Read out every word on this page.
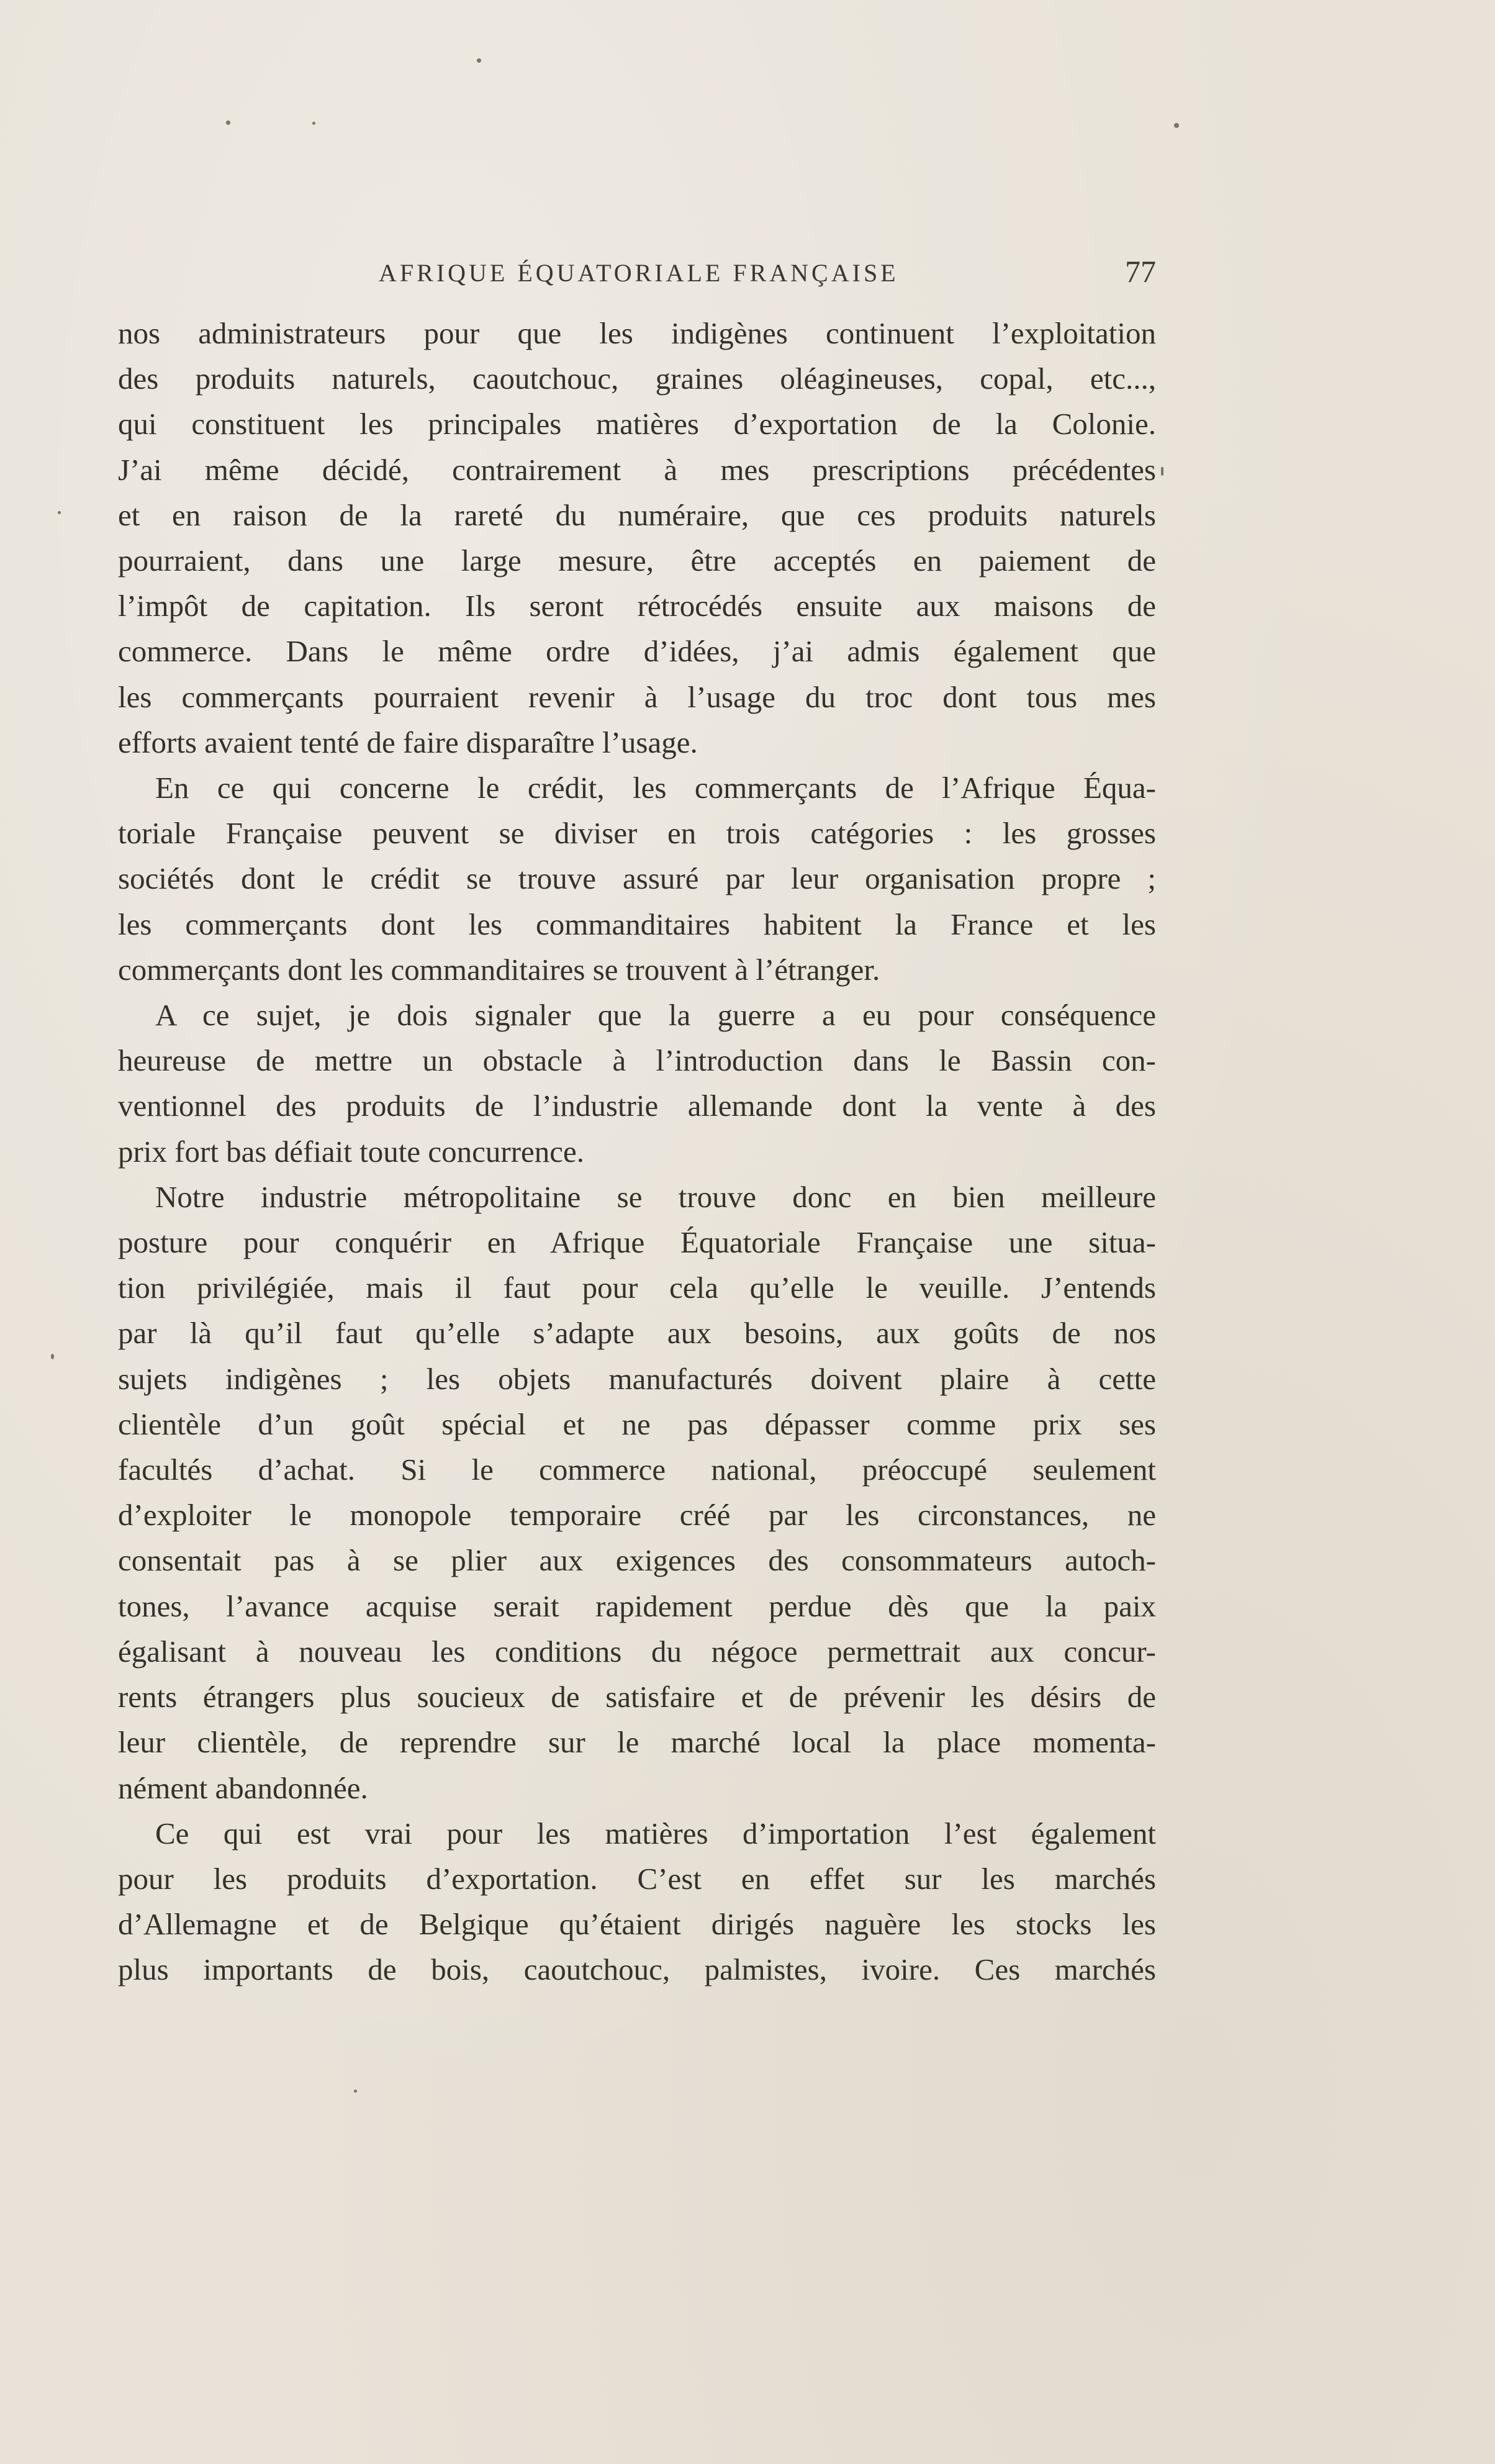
AFRIQUE ÉQUATORIALE FRANÇAISE	77
nos administrateurs pour que les indigènes continuent l’exploitation
des produits naturels, caoutchouc, graines oléagineuses, copal, etc...,
qui constituent les principales matières d’exportation de la Colonie.
J’ai même décidé, contrairement à mes prescriptions précédentes
et en raison de la rareté du numéraire, que ces produits naturels
pourraient, dans une large mesure, être acceptés en paiement de
l’impôt de capitation. Ils seront rétrocédés ensuite aux maisons de
commerce. Dans le même ordre d’idées, j’ai admis également que
les commerçants pourraient revenir à l’usage du troc dont tous mes
efforts avaient tenté de faire disparaître l’usage.
En ce qui concerne le crédit, les commerçants de l’Afrique Équa-
toriale Française peuvent se diviser en trois catégories : les grosses
sociétés dont le crédit se trouve assuré par leur organisation propre ;
les commerçants dont les commanditaires habitent la France et les
commerçants dont les commanditaires se trouvent à l’étranger.
A ce sujet, je dois signaler que la guerre a eu pour conséquence
heureuse de mettre un obstacle à l’introduction dans le Bassin con-
ventionnel des produits de l’industrie allemande dont la vente à des
prix fort bas défiait toute concurrence.
Notre industrie métropolitaine se trouve donc en bien meilleure
posture pour conquérir en Afrique Équatoriale Française une situa-
tion privilégiée, mais il faut pour cela qu’elle le veuille. J’entends
par là qu’il faut qu’elle s’adapte aux besoins, aux goûts de nos
sujets indigènes ; les objets manufacturés doivent plaire à cette
clientèle d’un goût spécial et ne pas dépasser comme prix ses
facultés d’achat. Si le commerce national, préoccupé seulement
d’exploiter le monopole temporaire créé par les circonstances, ne
consentait pas à se plier aux exigences des consommateurs autoch-
tones, l’avance acquise serait rapidement perdue dès que la paix
égalisant à nouveau les conditions du négoce permettrait aux concur-
rents étrangers plus soucieux de satisfaire et de prévenir les désirs de
leur clientèle, de reprendre sur le marché local la place momenta-
nément abandonnée.
Ce qui est vrai pour les matières d’importation l’est également
pour les produits d’exportation. C’est en effet sur les marchés
d’Allemagne et de Belgique qu’étaient dirigés naguère les stocks les
plus importants de bois, caoutchouc, palmistes, ivoire. Ces marchés
